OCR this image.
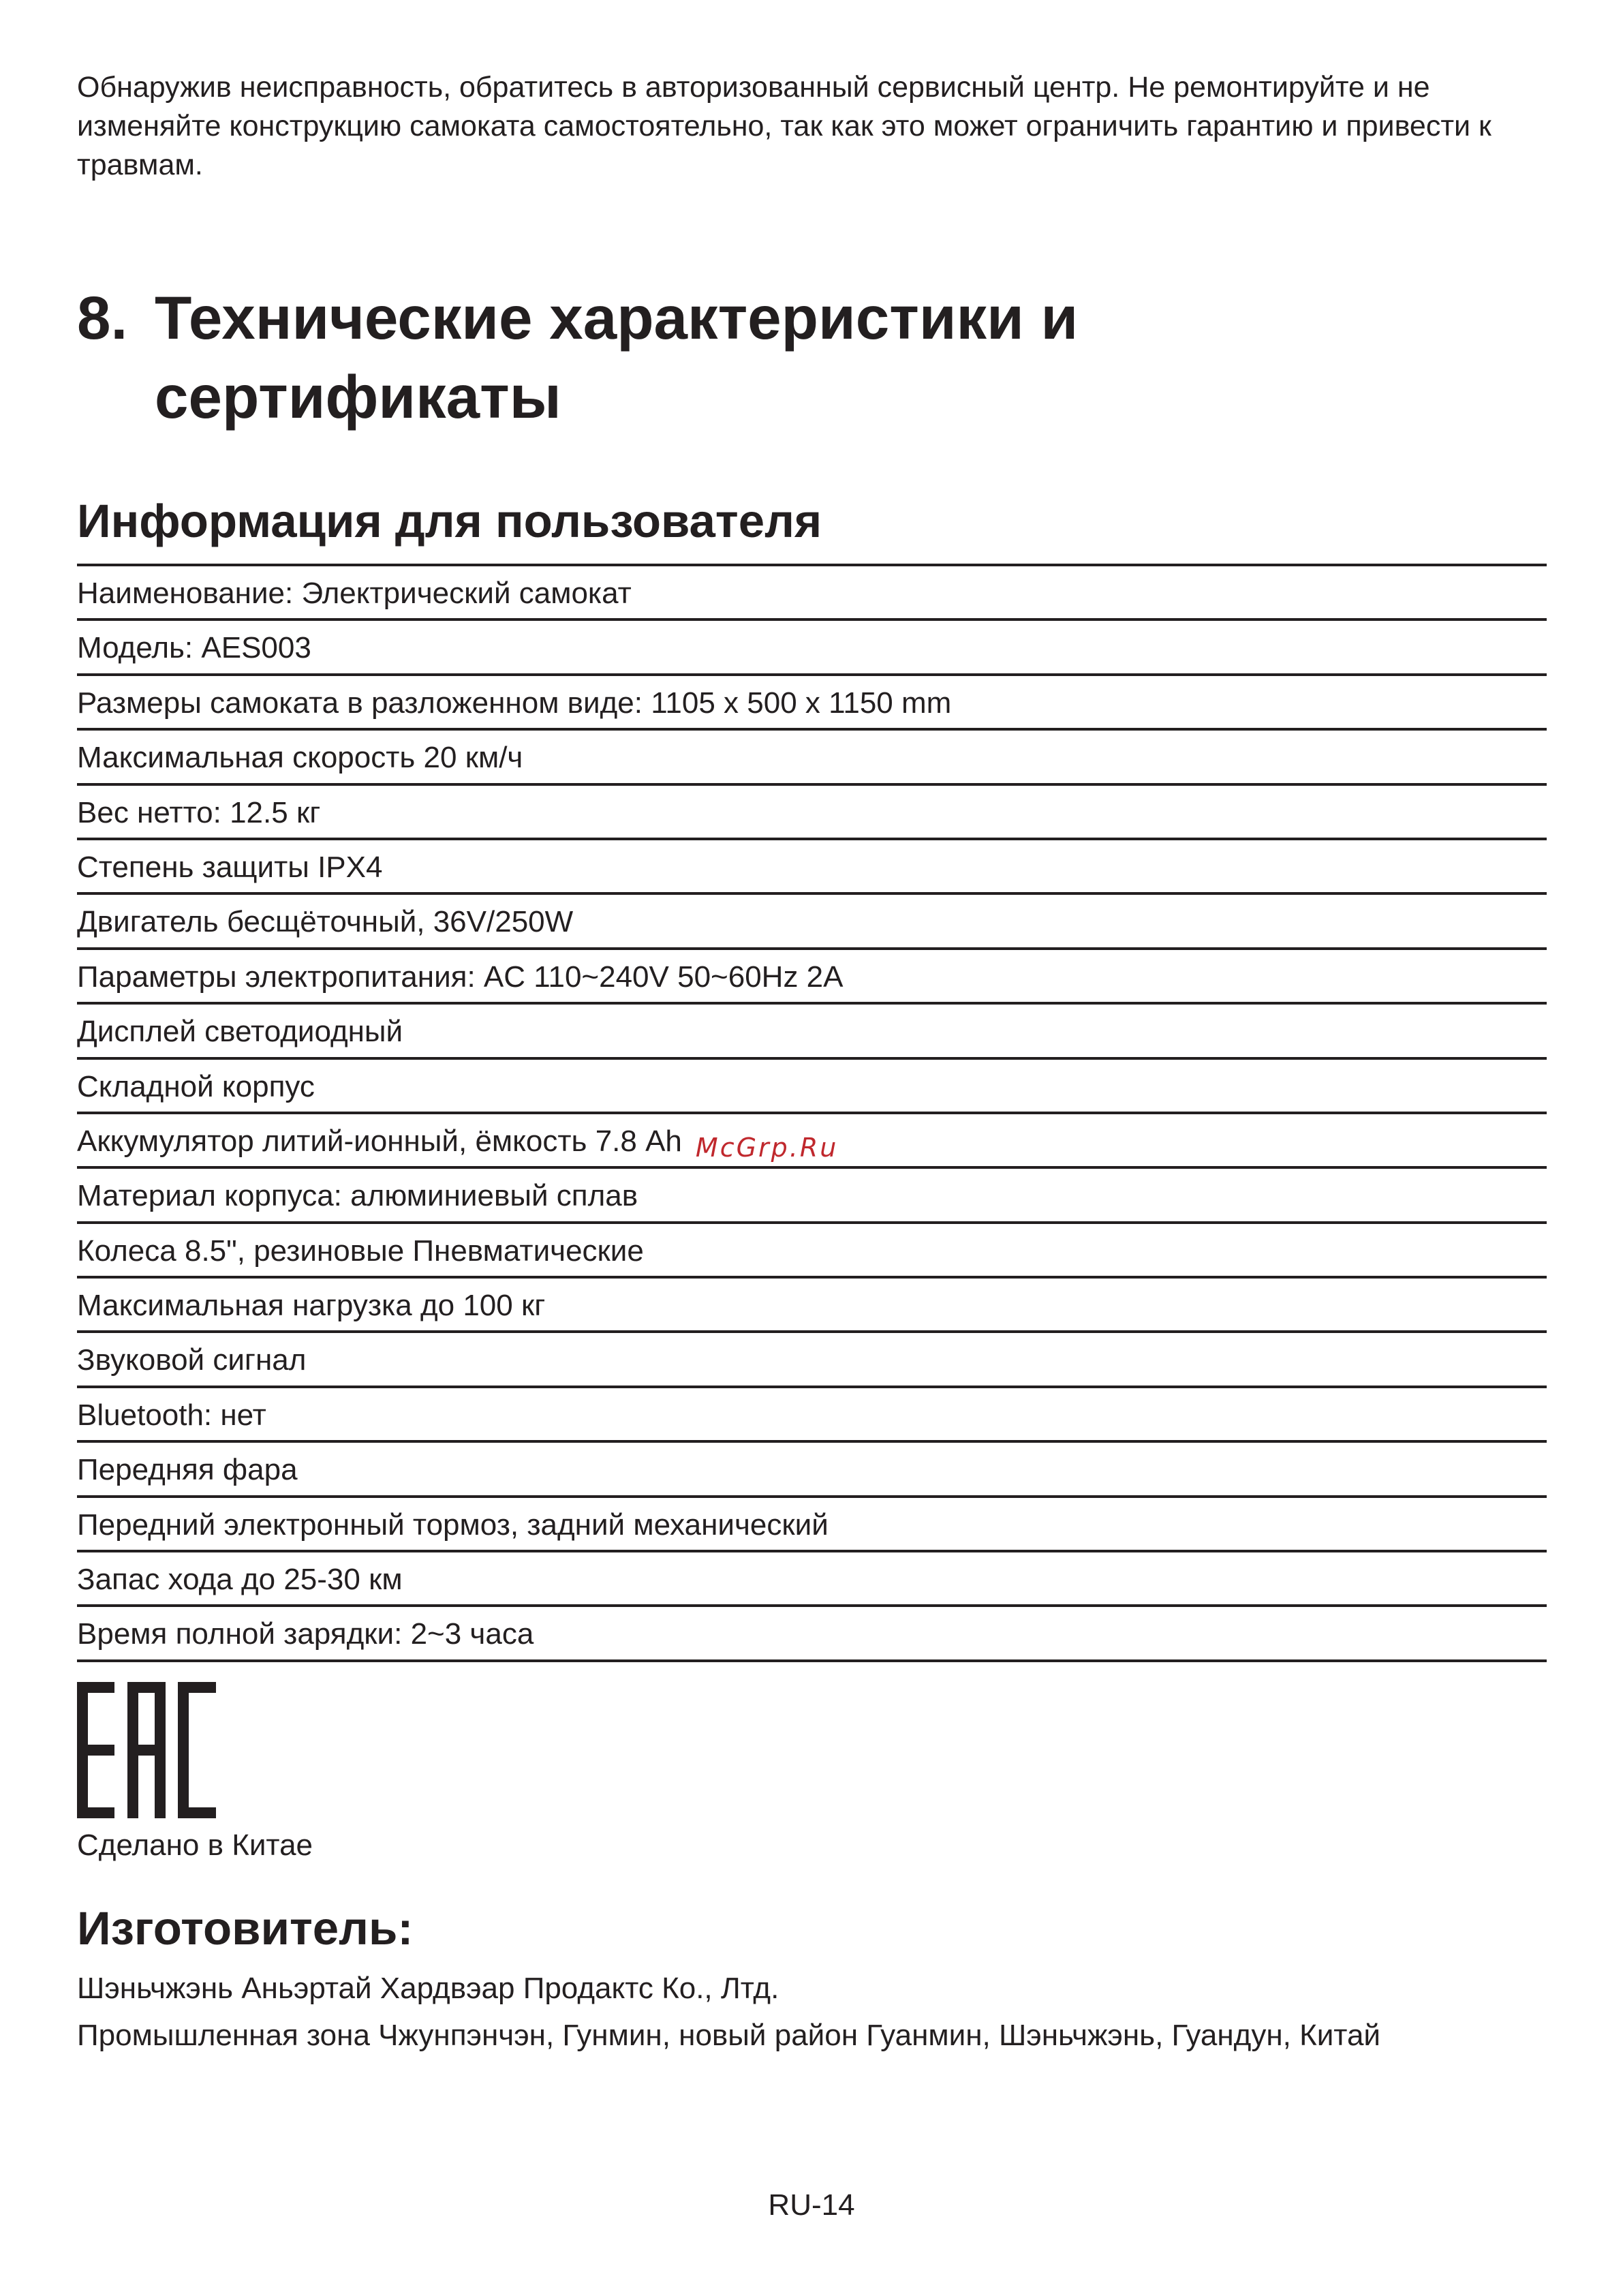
Обнаружив неисправность, обратитесь в авторизованный сервисный центр. Не ремонтируйте и не изменяйте конструкцию самоката самостоятельно, так как это может ограничить гарантию и привести к травмам.

8. Технические характеристики и сертификаты
Информация для пользователя
Наименование: Электрический самокат
Модель: AES003
Размеры самоката в разложенном виде: 1105 x 500 x 1150 mm
Максимальная скорость 20 км/ч
Вес нетто: 12.5 кг
Степень защиты IPX4
Двигатель бесщёточный, 36V/250W
Параметры электропитания: AC 110~240V 50~60Hz 2A
Дисплей светодиодный
Складной корпус
Аккумулятор литий-ионный, ёмкость 7.8 Ah McGrp.Ru
Материал корпуса: алюминиевый сплав
Колеса 8.5", резиновые Пневматические
Максимальная нагрузка до 100 кг
Звуковой сигнал
Bluetooth: нет
Передняя фара
Передний электронный тормоз, задний механический
Запас хода до 25-30 км
Время полной зарядки: 2~3 часа

Сделано в Китае

Изготовитель:

Шэньчжэнь Аньэртай Хардвэар Продактс Ко., Лтд.

Промышленная зона Чжунпэнчэн, Гунмин, новый район Гуанмин, Шэньчжэнь, Гуандун, Китай

RU-14
